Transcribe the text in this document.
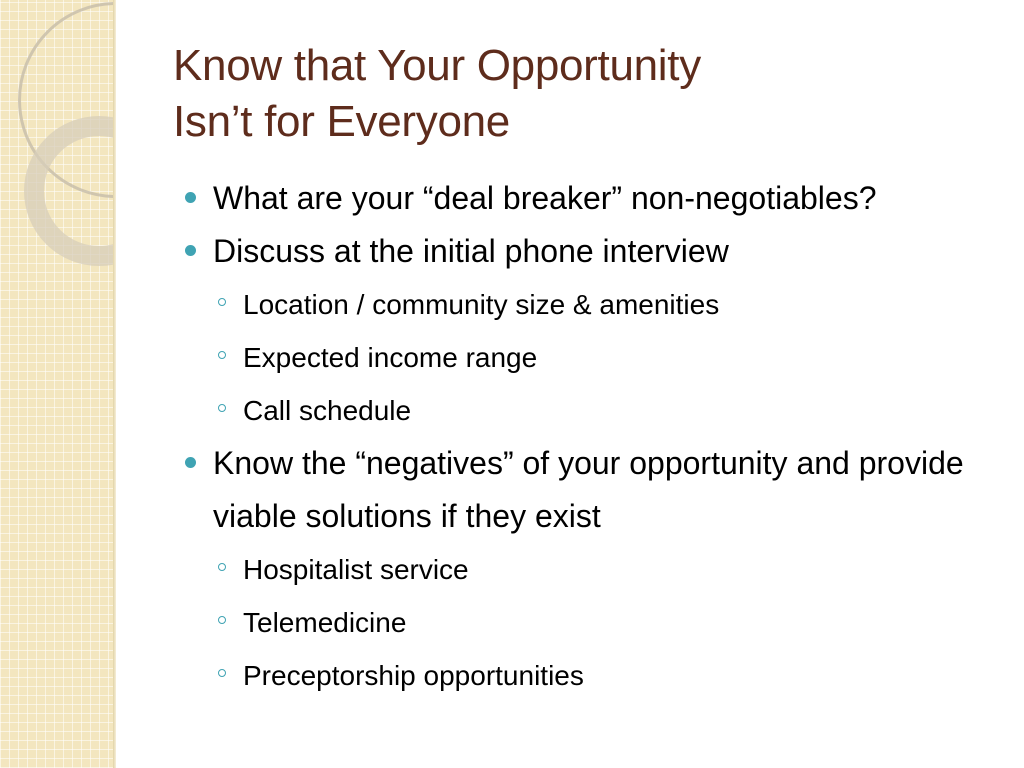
Know that Your Opportunity
Isn’t for Everyone
What are your “deal breaker” non-negotiables?
Discuss at the initial phone interview
Location / community size & amenities
Expected income range
Call schedule
Know the “negatives” of your opportunity and provide viable solutions if they exist
Hospitalist service
Telemedicine
Preceptorship opportunities
